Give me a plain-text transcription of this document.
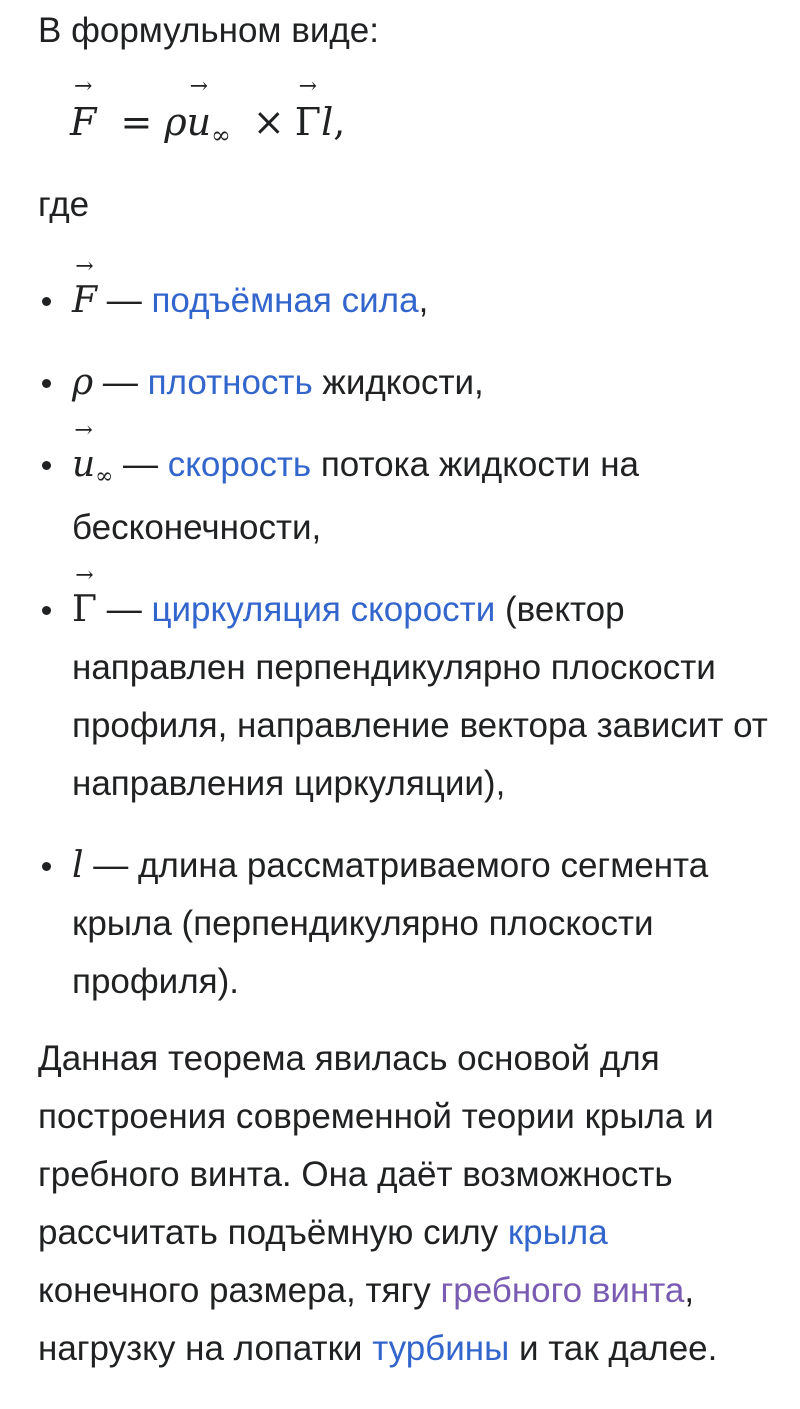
В формульном виде:

F → = ρu →∞ × Γ →l,

где

F → — подъёмная сила,
ρ — плотность жидкости,
u →∞ — скорость потока жидкости на бесконечности,
Γ → — циркуляция скорости (вектор направлен перпендикулярно плоскости профиля, направление вектора зависит от направления циркуляции),
l — длина рассматриваемого сегмента крыла (перпендикулярно плоскости профиля).

Данная теорема явилась основой для построения современной теории крыла и гребного винта. Она даёт возможность рассчитать подъёмную силу крыла конечного размера, тягу гребного винта, нагрузку на лопатки турбины и так далее.
